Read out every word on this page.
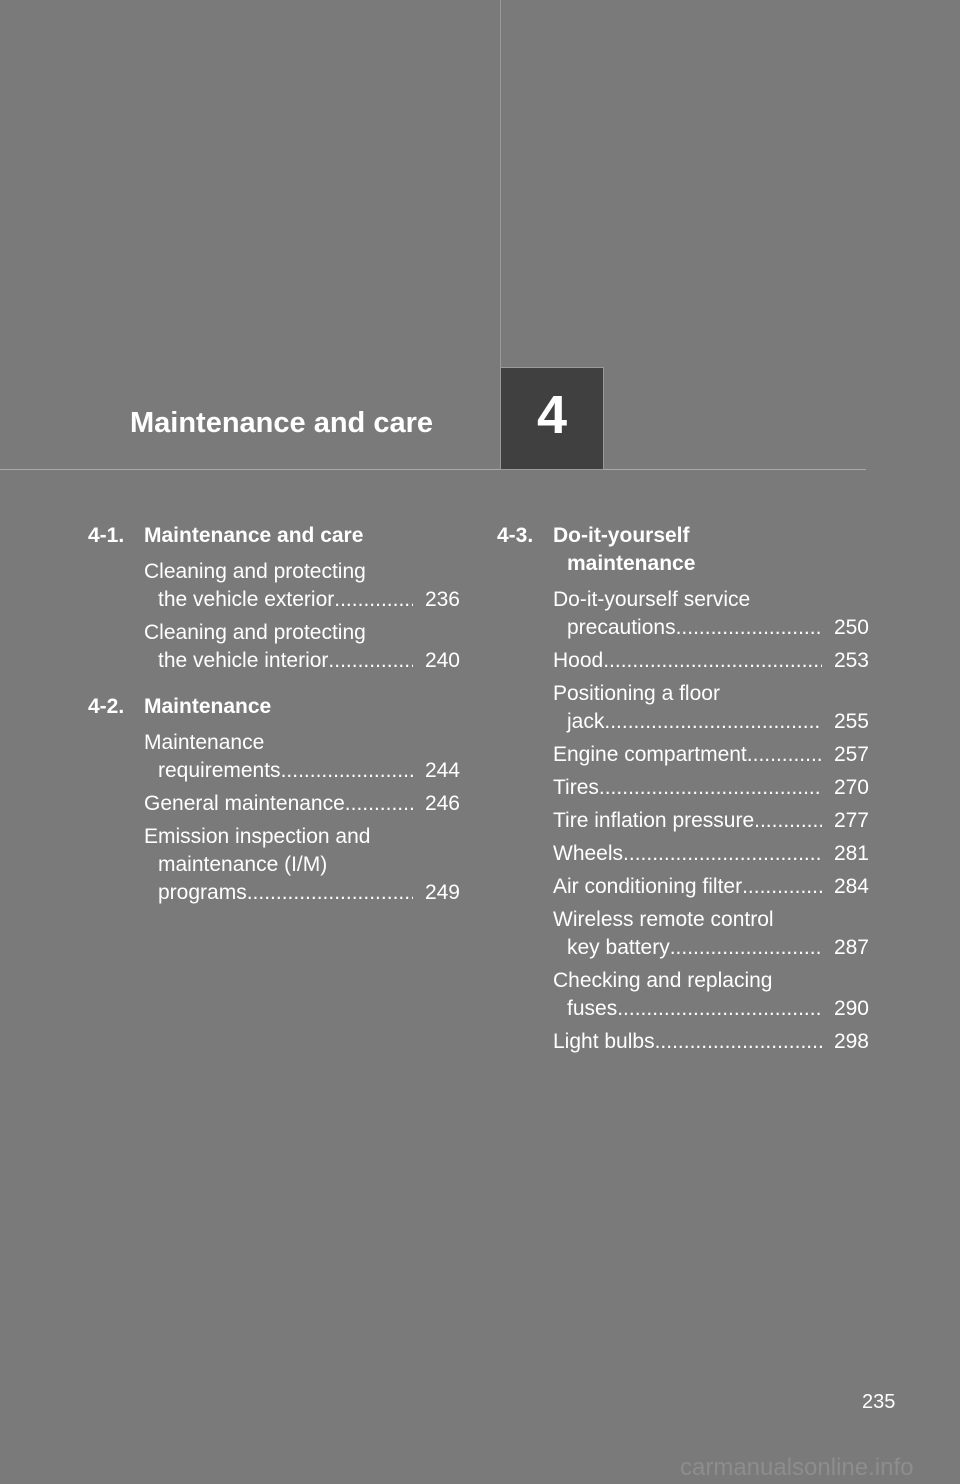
Maintenance and care 4
4-1. Maintenance and care
Cleaning and protecting
the vehicle exterior .....	236
Cleaning and protecting
the vehicle interior .....	240
4-2. Maintenance
Maintenance
requirements .....	244
General maintenance .....	246
Emission inspection and
maintenance (I/M)
programs .....	249
4-3. Do-it-yourself
maintenance
Do-it-yourself service
precautions .....	250
Hood .....	253
Positioning a floor
jack .....	255
Engine compartment .....	257
Tires .....	270
Tire inflation pressure .....	277
Wheels .....	281
Air conditioning filter .....	284
Wireless remote control
key battery .....	287
Checking and replacing
fuses .....	290
Light bulbs .....	298
235
carmanualsonline.info
